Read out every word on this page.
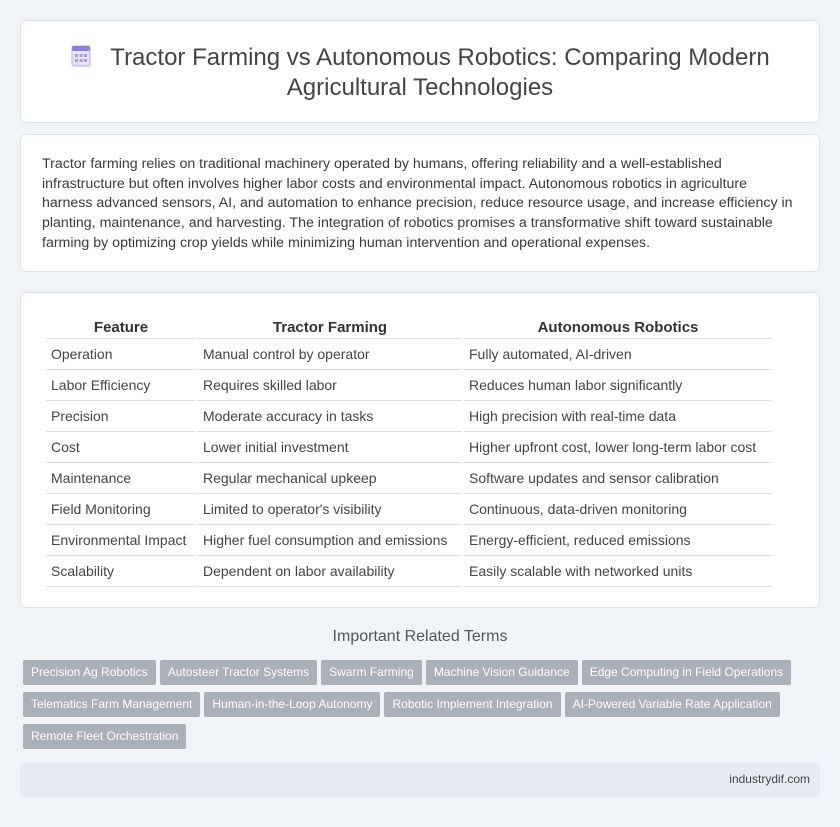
Tractor Farming vs Autonomous Robotics: Comparing Modern Agricultural Technologies

Tractor farming relies on traditional machinery operated by humans, offering reliability and a well-established infrastructure but often involves higher labor costs and environmental impact. Autonomous robotics in agriculture harness advanced sensors, AI, and automation to enhance precision, reduce resource usage, and increase efficiency in planting, maintenance, and harvesting. The integration of robotics promises a transformative shift toward sustainable farming by optimizing crop yields while minimizing human intervention and operational expenses.

Feature	Tractor Farming	Autonomous Robotics
Operation	Manual control by operator	Fully automated, AI-driven
Labor Efficiency	Requires skilled labor	Reduces human labor significantly
Precision	Moderate accuracy in tasks	High precision with real-time data
Cost	Lower initial investment	Higher upfront cost, lower long-term labor cost
Maintenance	Regular mechanical upkeep	Software updates and sensor calibration
Field Monitoring	Limited to operator's visibility	Continuous, data-driven monitoring
Environmental Impact	Higher fuel consumption and emissions	Energy-efficient, reduced emissions
Scalability	Dependent on labor availability	Easily scalable with networked units
Important Related Terms
Precision Ag Robotics Autosteer Tractor Systems Swarm Farming Machine Vision Guidance Edge Computing in Field Operations
Telematics Farm Management Human-in-the-Loop Autonomy Robotic Implement Integration AI-Powered Variable Rate Application
Remote Fleet Orchestration
industrydif.com
